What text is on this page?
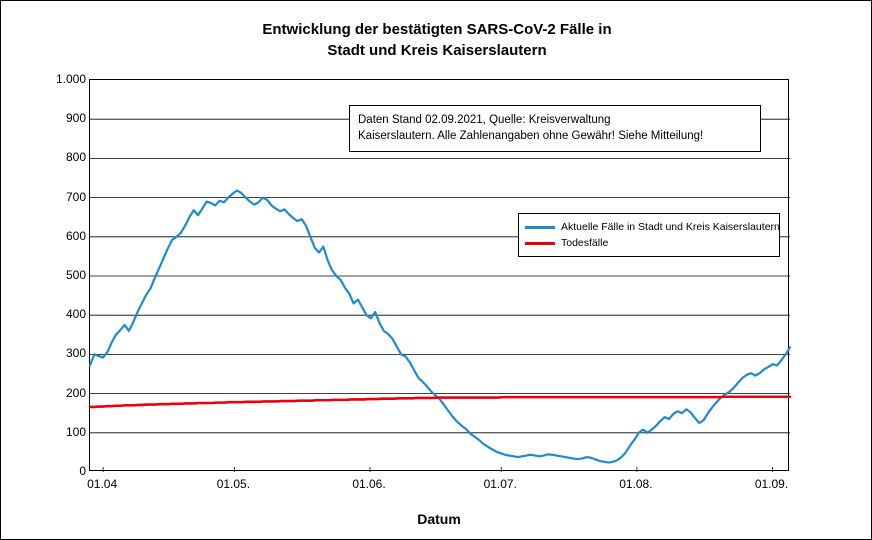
Entwicklung der bestätigten SARS-CoV-2 Fälle in
Stadt und Kreis Kaiserslautern
0
100
200
300
400
500
600
700
800
900
1.000
01.04	01.05.	01.06.	01.07.	01.08.	01.09.
Daten Stand 02.09.2021, Quelle: Kreisverwaltung
Kaiserslautern. Alle Zahlenangaben ohne Gewähr! Siehe Mitteilung!
Aktuelle Fälle in Stadt und Kreis Kaiserslautern
Todesfälle
Datum
